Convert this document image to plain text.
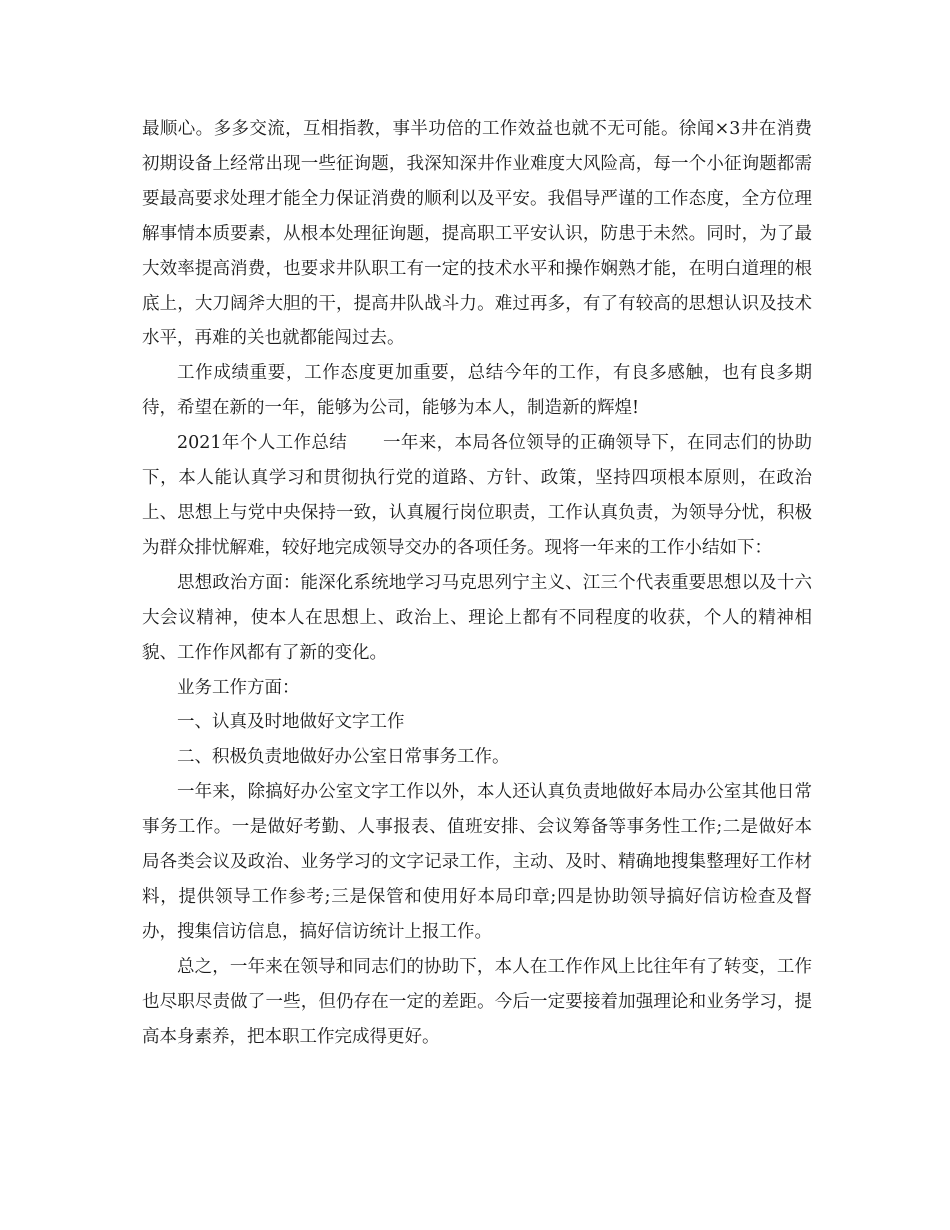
最顺心。多多交流，互相指教，事半功倍的工作效益也就不无可能。徐闻×3井在消费初期设备上经常出现一些征询题，我深知深井作业难度大风险高，每一个小征询题都需要最高要求处理才能全力保证消费的顺利以及平安。我倡导严谨的工作态度，全方位理解事情本质要素，从根本处理征询题，提高职工平安认识，防患于未然。同时，为了最大效率提高消费，也要求井队职工有一定的技术水平和操作娴熟才能，在明白道理的根底上，大刀阔斧大胆的干，提高井队战斗力。难过再多，有了有较高的思想认识及技术水平，再难的关也就都能闯过去。

工作成绩重要，工作态度更加重要，总结今年的工作，有良多感触，也有良多期待，希望在新的一年，能够为公司，能够为本人，制造新的辉煌!

2021年个人工作总结　　一年来，本局各位领导的正确领导下，在同志们的协助下，本人能认真学习和贯彻执行党的道路、方针、政策，坚持四项根本原则，在政治上、思想上与党中央保持一致，认真履行岗位职责，工作认真负责，为领导分忧，积极为群众排忧解难，较好地完成领导交办的各项任务。现将一年来的工作小结如下：

思想政治方面：能深化系统地学习马克思列宁主义、江三个代表重要思想以及十六大会议精神，使本人在思想上、政治上、理论上都有不同程度的收获，个人的精神相貌、工作作风都有了新的变化。

业务工作方面：

一、认真及时地做好文字工作

二、积极负责地做好办公室日常事务工作。

一年来，除搞好办公室文字工作以外，本人还认真负责地做好本局办公室其他日常事务工作。一是做好考勤、人事报表、值班安排、会议筹备等事务性工作;二是做好本局各类会议及政治、业务学习的文字记录工作，主动、及时、精确地搜集整理好工作材料，提供领导工作参考;三是保管和使用好本局印章;四是协助领导搞好信访检查及督办，搜集信访信息，搞好信访统计上报工作。

总之，一年来在领导和同志们的协助下，本人在工作作风上比往年有了转变，工作也尽职尽责做了一些，但仍存在一定的差距。今后一定要接着加强理论和业务学习，提高本身素养，把本职工作完成得更好。
